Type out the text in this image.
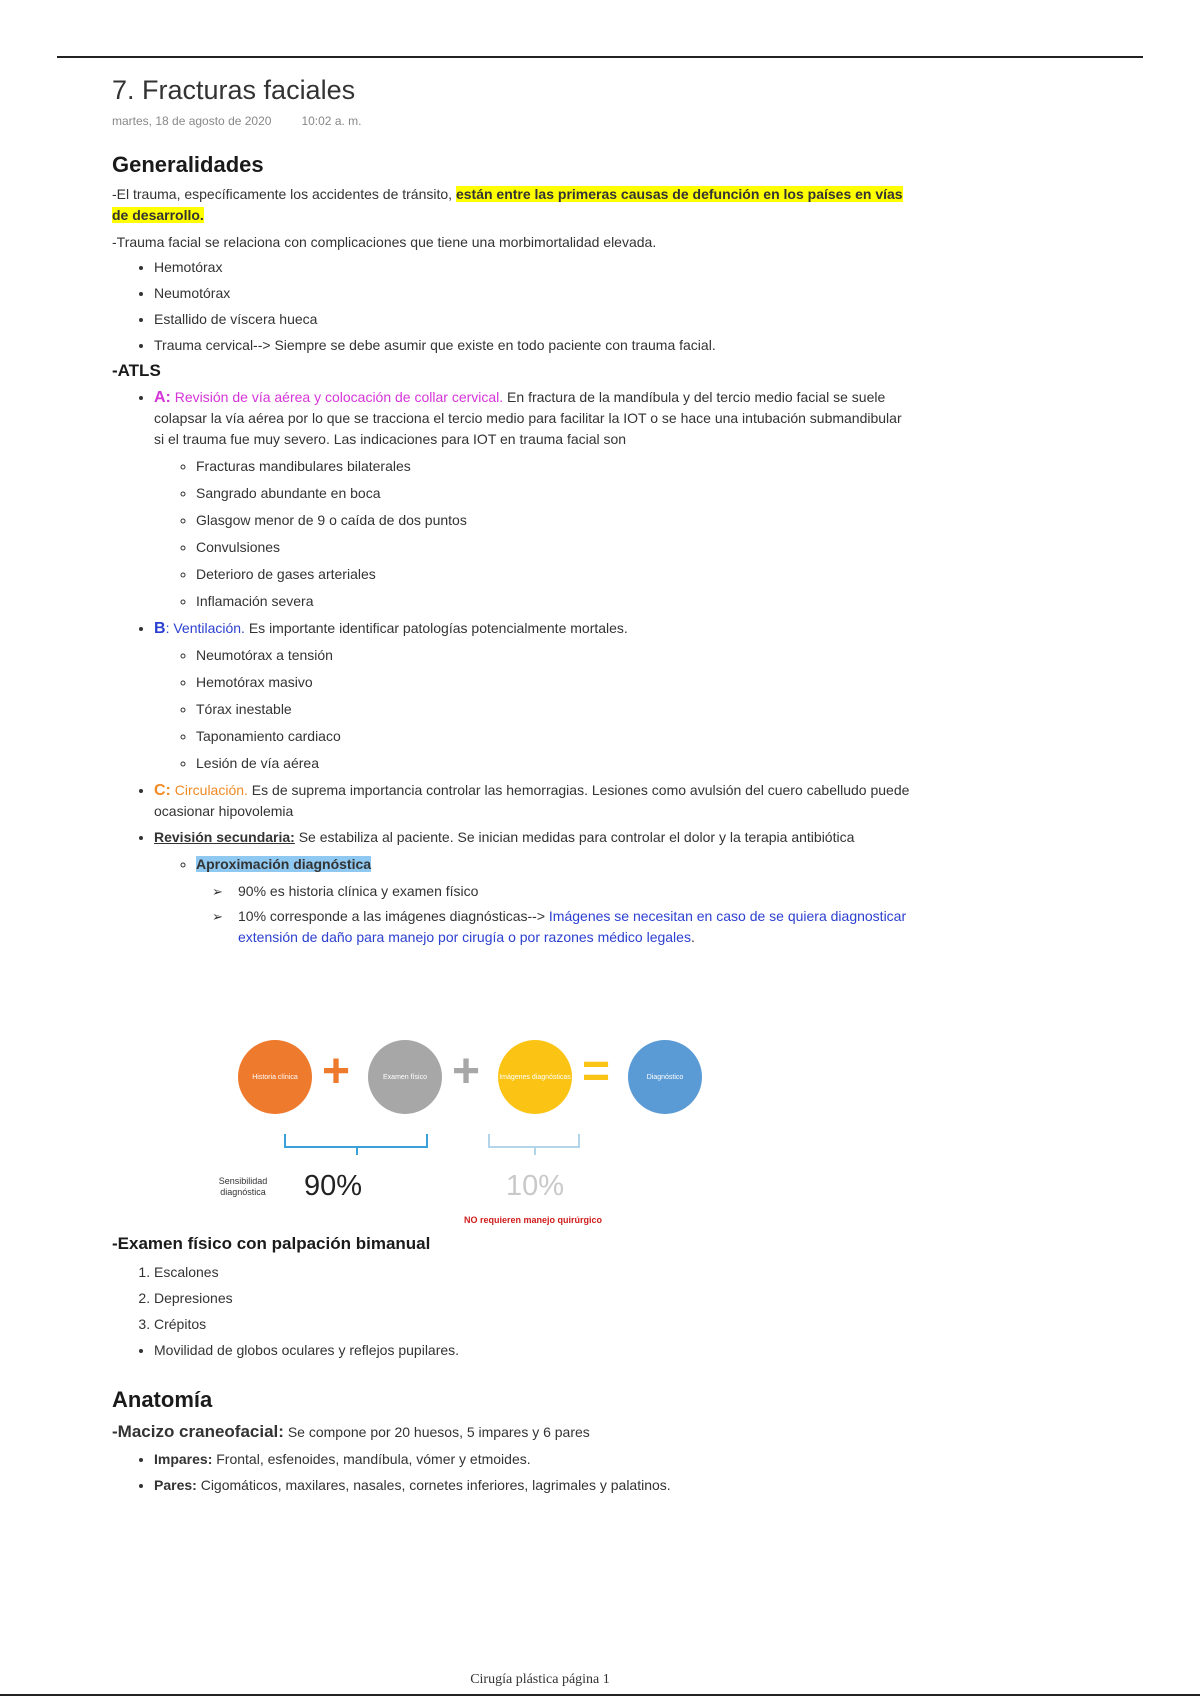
7. Fracturas faciales
martes, 18 de agosto de 2020	10:02 a. m.
Generalidades

-El trauma, específicamente los accidentes de tránsito, están entre las primeras causas de defunción en los países en vías de desarrollo.

-Trauma facial se relaciona con complicaciones que tiene una morbimortalidad elevada.

• Hemotórax
• Neumotórax
• Estallido de víscera hueca
• Trauma cervical--> Siempre se debe asumir que existe en todo paciente con trauma facial.
-ATLS
• A: Revisión de vía aérea y colocación de collar cervical. En fractura de la mandíbula y del tercio medio facial se suele colapsar la vía aérea por lo que se tracciona el tercio medio para facilitar la IOT o se hace una intubación submandibular si el trauma fue muy severo. Las indicaciones para IOT en trauma facial son
◦ Fracturas mandibulares bilaterales
◦ Sangrado abundante en boca
◦ Glasgow menor de 9 o caída de dos puntos
◦ Convulsiones
◦ Deterioro de gases arteriales
◦ Inflamación severa
• B: Ventilación. Es importante identificar patologías potencialmente mortales.
◦ Neumotórax a tensión
◦ Hemotórax masivo
◦ Tórax inestable
◦ Taponamiento cardiaco
◦ Lesión de vía aérea
• C: Circulación. Es de suprema importancia controlar las hemorragias. Lesiones como avulsión del cuero cabelludo puede ocasionar hipovolemia
• Revisión secundaria: Se estabiliza al paciente. Se inician medidas para controlar el dolor y la terapia antibiótica
◦ Aproximación diagnóstica
➢ 90% es historia clínica y examen físico
➢ 10% corresponde a las imágenes diagnósticas--> Imágenes se necesitan en caso de se quiera diagnosticar extensión de daño para manejo por cirugía o por razones médico legales.
Historia clínica +	Examen físico +	Imágenes diagnósticas =	Diagnóstico
Sensibilidad diagnóstica	90%	10%
NO requieren manejo quirúrgico
-Examen físico con palpación bimanual
1. Escalones
2. Depresiones
3. Crépitos
• Movilidad de globos oculares y reflejos pupilares.
Anatomía

-Macizo craneofacial: Se compone por 20 huesos, 5 impares y 6 pares

• Impares: Frontal, esfenoides, mandíbula, vómer y etmoides.
• Pares: Cigomáticos, maxilares, nasales, cornetes inferiores, lagrimales y palatinos.
Cirugía plástica página 1
